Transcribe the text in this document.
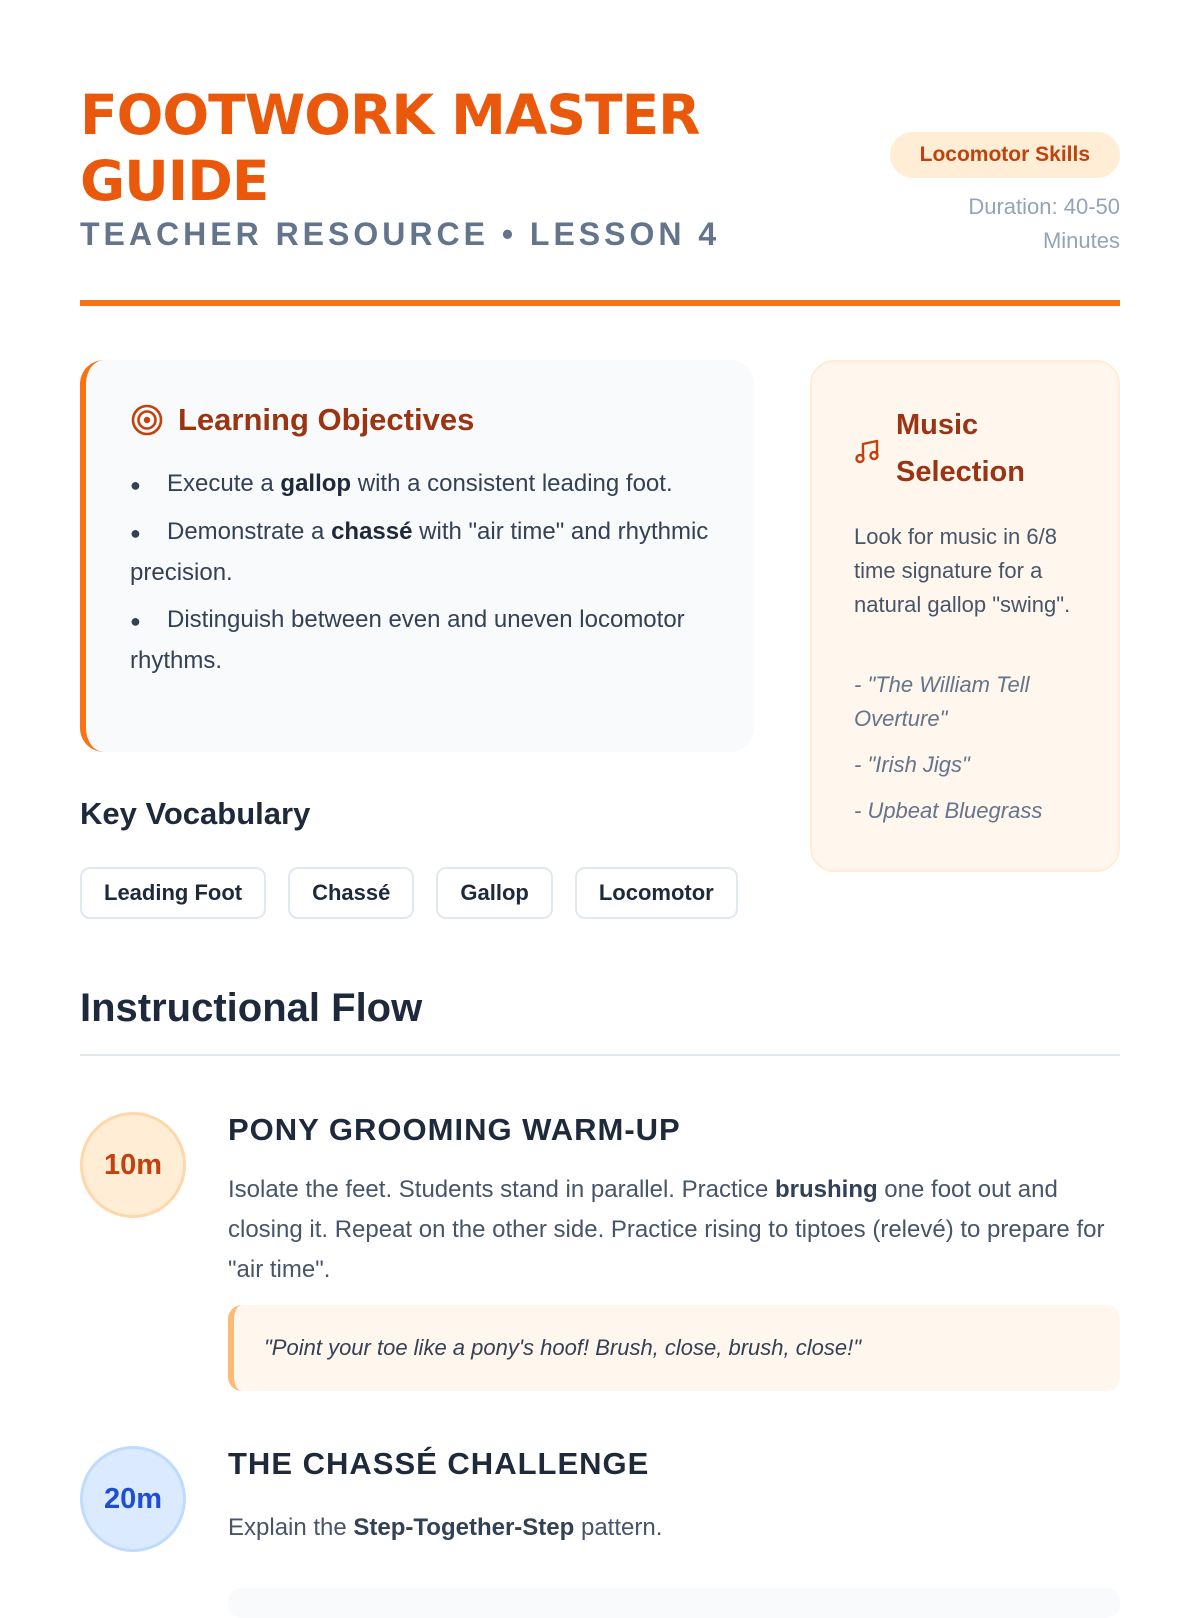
FOOTWORK MASTER GUIDE
TEACHER RESOURCE • LESSON 4
Locomotor Skills
Duration: 40-50 Minutes
Learning Objectives
● Execute a gallop with a consistent leading foot.
● Demonstrate a chassé with "air time" and rhythmic precision.
● Distinguish between even and uneven locomotor rhythms.
Music Selection
Look for music in 6/8 time signature for a natural gallop "swing".
- "The William Tell Overture"
- "Irish Jigs"
- Upbeat Bluegrass
Key Vocabulary
Leading Foot	Chassé	Gallop	Locomotor
Instructional Flow
10m
PONY GROOMING WARM-UP

Isolate the feet. Students stand in parallel. Practice brushing one foot out and closing it. Repeat on the other side. Practice rising to tiptoes (relevé) to prepare for "air time".

"Point your toe like a pony's hoof! Brush, close, brush, close!"
20m
THE CHASSÉ CHALLENGE

Explain the Step-Together-Step pattern.
